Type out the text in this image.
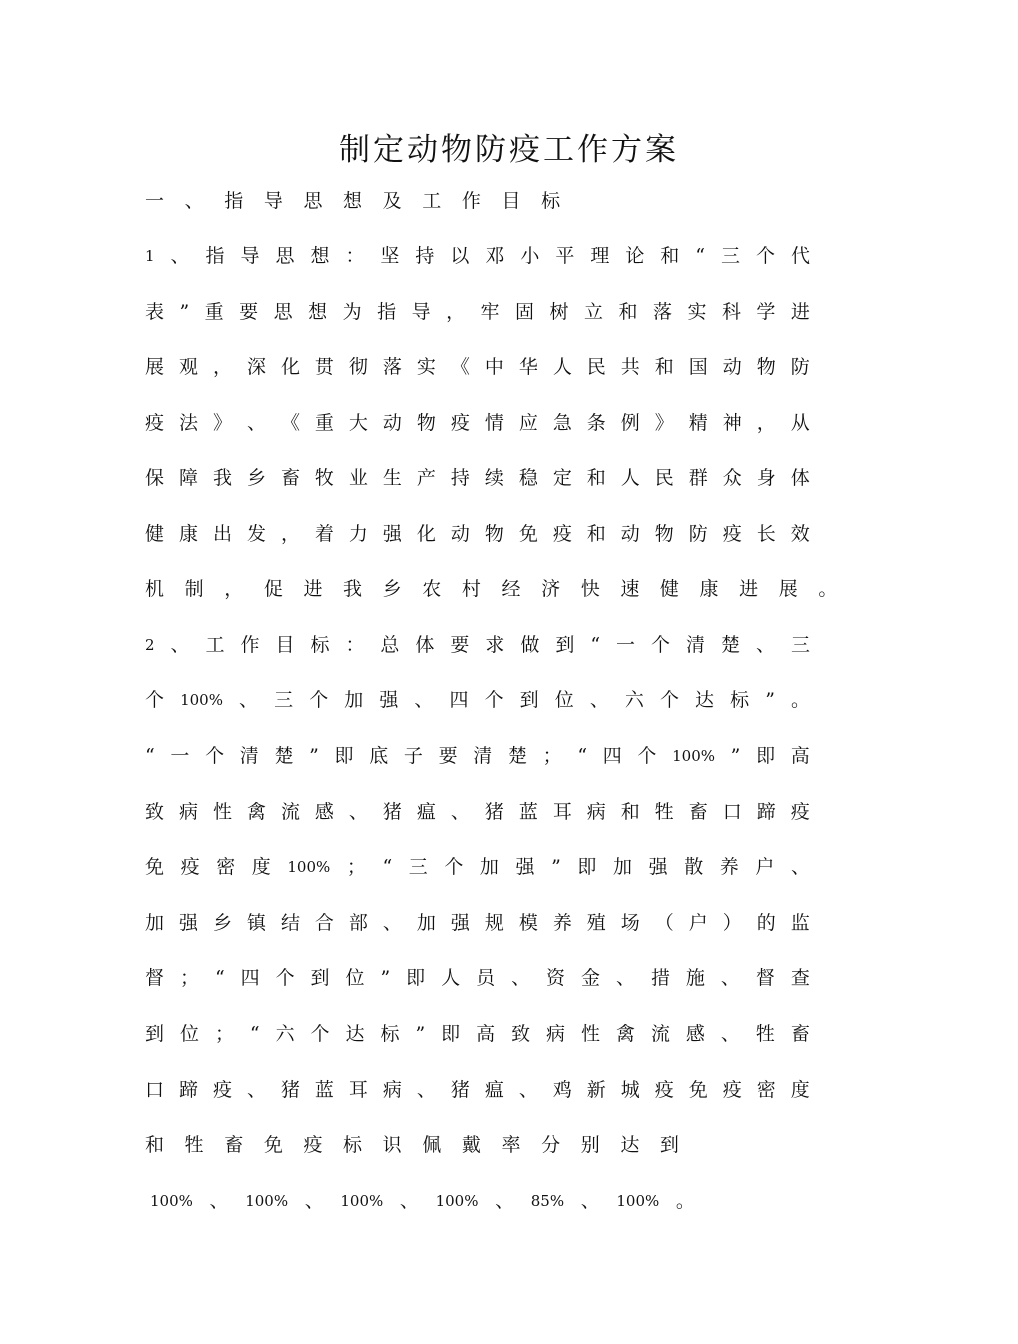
制定动物防疫工作方案
一 、 指 导 思 想 及 工 作 目 标
1 、 指 导 思 想 ： 坚 持 以 邓 小 平 理 论 和 “ 三 个 代
表 ” 重 要 思 想 为 指 导 ， 牢 固 树 立 和 落 实 科 学 进
展 观 ， 深 化 贯 彻 落 实 《 中 华 人 民 共 和 国 动 物 防
疫 法 》 、 《 重 大 动 物 疫 情 应 急 条 例 》 精 神 ， 从
保 障 我 乡 畜 牧 业 生 产 持 续 稳 定 和 人 民 群 众 身 体
健 康 出 发 ， 着 力 强 化 动 物 免 疫 和 动 物 防 疫 长 效
机 制 ， 促 进 我 乡 农 村 经 济 快 速 健 康 进 展 。
2 、 工 作 目 标 ： 总 体 要 求 做 到 “ 一 个 清 楚 、 三
个 100% 、 三 个 加 强 、 四 个 到 位 、 六 个 达 标 ” 。
“ 一 个 清 楚 ” 即 底 子 要 清 楚 ； “ 四 个 100% ” 即 高
致 病 性 禽 流 感 、 猪 瘟 、 猪 蓝 耳 病 和 牲 畜 口 蹄 疫
免 疫 密 度 100% ； “ 三 个 加 强 ” 即 加 强 散 养 户 、
加 强 乡 镇 结 合 部 、 加 强 规 模 养 殖 场 （ 户 ） 的 监
督 ； “ 四 个 到 位 ” 即 人 员 、 资 金 、 措 施 、 督 查
到 位 ； “ 六 个 达 标 ” 即 高 致 病 性 禽 流 感 、 牲 畜
口 蹄 疫 、 猪 蓝 耳 病 、 猪 瘟 、 鸡 新 城 疫 免 疫 密 度
和 牲 畜 免 疫 标 识 佩 戴 率 分 别 达 到
100% 、 100% 、 100% 、 100% 、 85% 、 100% 。
